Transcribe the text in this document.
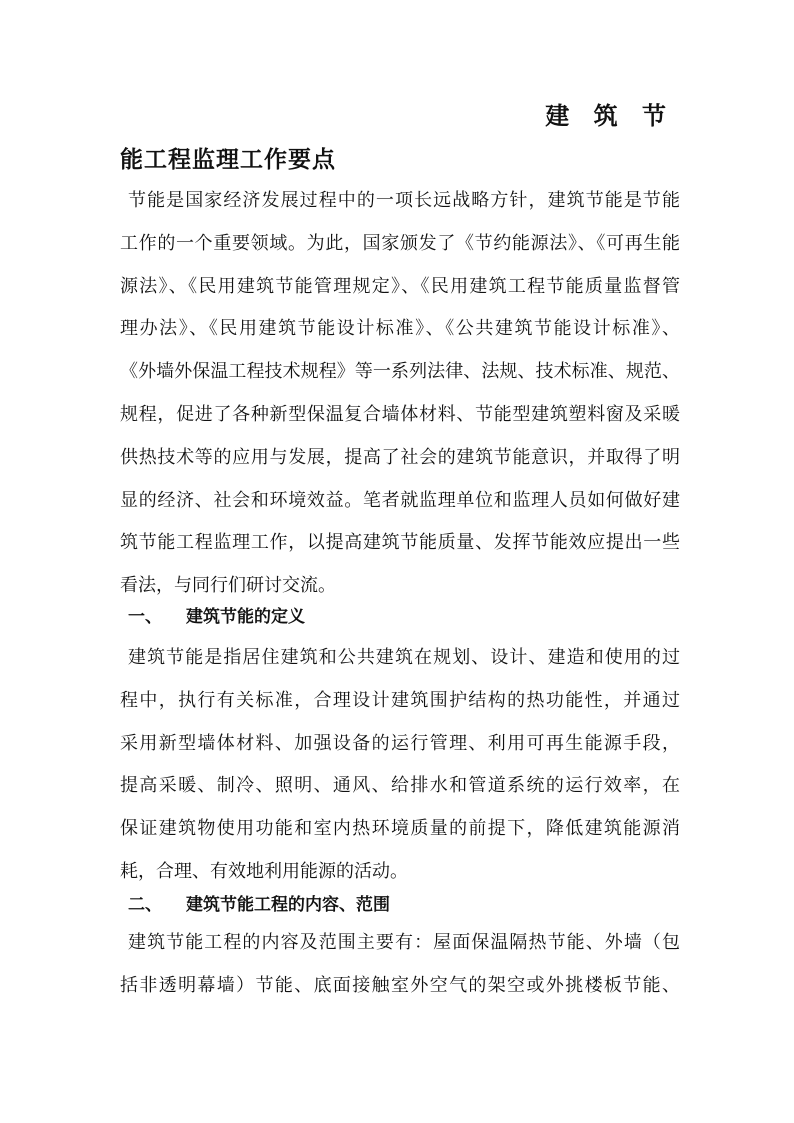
建 筑 节
能工程监理工作要点
节能是国家经济发展过程中的一项长远战略方针，建筑节能是节能
工作的一个重要领域。为此，国家颁发了《节约能源法》、《可再生能
源法》、《民用建筑节能管理规定》、《民用建筑工程节能质量监督管
理办法》、《民用建筑节能设计标准》、《公共建筑节能设计标准》、
《外墙外保温工程技术规程》等一系列法律、法规、技术标准、规范、
规程，促进了各种新型保温复合墙体材料、节能型建筑塑料窗及采暖
供热技术等的应用与发展，提高了社会的建筑节能意识，并取得了明
显的经济、社会和环境效益。笔者就监理单位和监理人员如何做好建
筑节能工程监理工作，以提高建筑节能质量、发挥节能效应提出一些
看法，与同行们研讨交流。
一、	建筑节能的定义
建筑节能是指居住建筑和公共建筑在规划、设计、建造和使用的过
程中，执行有关标准，合理设计建筑围护结构的热功能性，并通过
采用新型墙体材料、加强设备的运行管理、利用可再生能源手段，
提高采暖、制冷、照明、通风、给排水和管道系统的运行效率，在
保证建筑物使用功能和室内热环境质量的前提下，降低建筑能源消
耗，合理、有效地利用能源的活动。
二、	建筑节能工程的内容、范围
建筑节能工程的内容及范围主要有：屋面保温隔热节能、外墙（包
括非透明幕墙）节能、底面接触室外空气的架空或外挑楼板节能、
